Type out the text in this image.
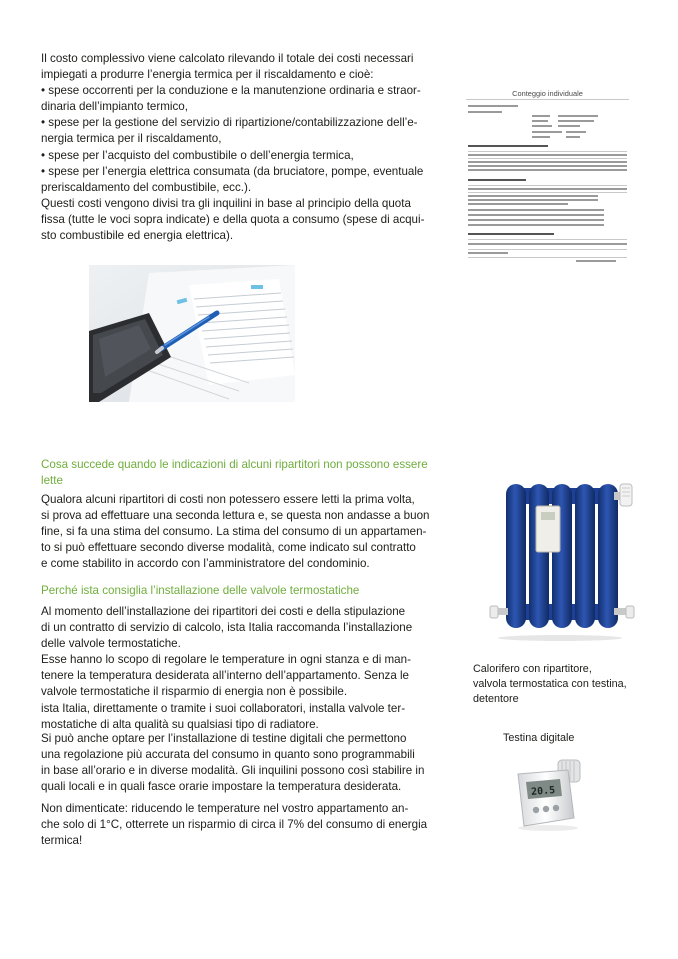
Il costo complessivo viene calcolato rilevando il totale dei costi necessari
impiegati a produrre l’energia termica per il riscaldamento e cioè:
• spese occorrenti per la conduzione e la manutenzione ordinaria e straor-
dinaria dell’impianto termico,
• spese per la gestione del servizio di ripartizione/contabilizzazione dell’e-
nergia termica per il riscaldamento,
• spese per l’acquisto del combustibile o dell’energia termica,
• spese per l’energia elettrica consumata (da bruciatore, pompe, eventuale
preriscaldamento del combustibile, ecc.).
Questi costi vengono divisi tra gli inquilini in base al principio della quota
fissa (tutte le voci sopra indicate) e della quota a consumo (spese di acqui-
sto combustibile ed energia elettrica).
Conteggio individuale
Cosa succede quando le indicazioni di alcuni ripartitori non possono essere
lette
Qualora alcuni ripartitori di costi non potessero essere letti la prima volta,
si prova ad effettuare una seconda lettura e, se questa non andasse a buon
fine, si fa una stima del consumo. La stima del consumo di un appartamen-
to si può effettuare secondo diverse modalità, come indicato sul contratto
e come stabilito in accordo con l’amministratore del condominio.
Perché ista consiglia l’installazione delle valvole termostatiche
Al momento dell’installazione dei ripartitori dei costi e della stipulazione
di un contratto di servizio di calcolo, ista Italia raccomanda l’installazione
delle valvole termostatiche.
Esse hanno lo scopo di regolare le temperature in ogni stanza e di man-
tenere la temperatura desiderata all’interno dell’appartamento. Senza le
valvole termostatiche il risparmio di energia non è possibile.
ista Italia, direttamente o tramite i suoi collaboratori, installa valvole ter-
mostatiche di alta qualità su qualsiasi tipo di radiatore.
Si può anche optare per l’installazione di testine digitali che permettono
una regolazione più accurata del consumo in quanto sono programmabili
in base all’orario e in diverse modalità. Gli inquilini possono così stabilire in
quali locali e in quali fasce orarie impostare la temperatura desiderata.
Non dimenticate: riducendo le temperature nel vostro appartamento an-
che solo di 1°C, otterrete un risparmio di circa il 7% del consumo di energia
termica!
Calorifero con ripartitore,
valvola termostatica con testina,
detentore
Testina digitale
20.5
